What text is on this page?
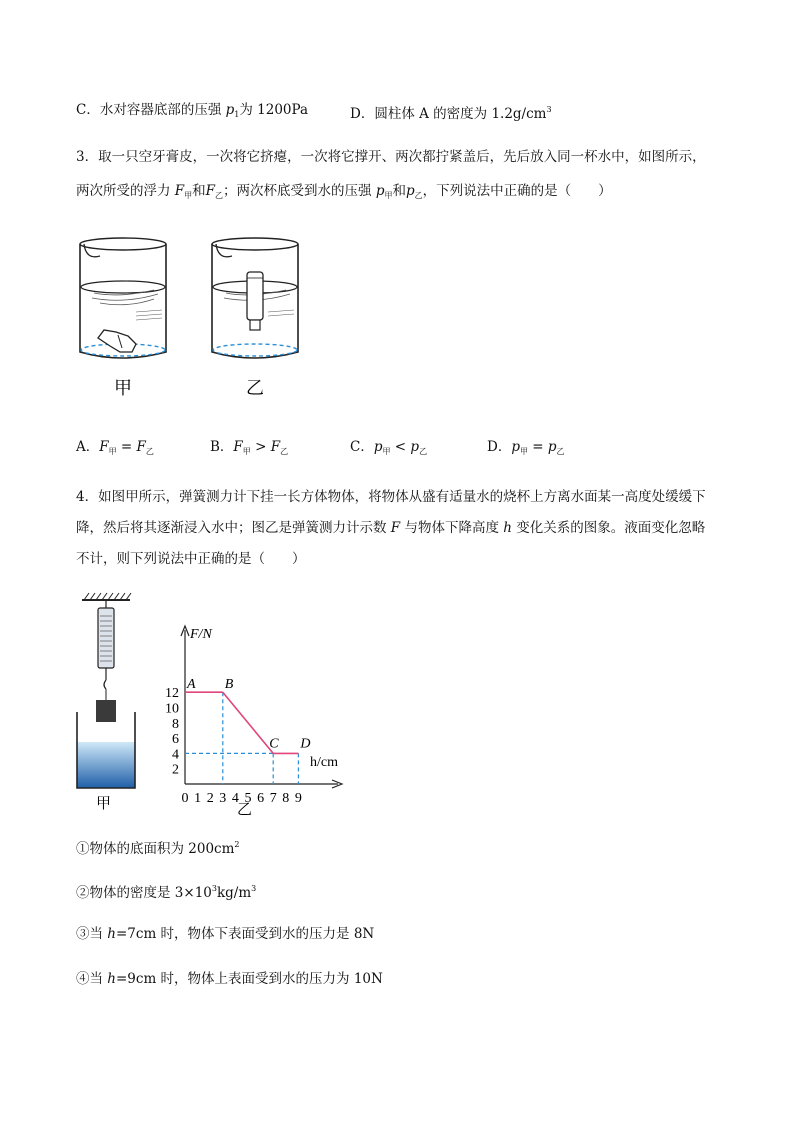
C．水对容器底部的压强 $p_1$为 1200Pa	D．圆柱体 A 的密度为 $1.2g/cm^3$
3．取一只空牙膏皮，一次将它挤瘪，一次将它撑开、两次都拧紧盖后，先后放入同一杯水中，如图所示，
两次所受的浮力 $F_甲$和$F_乙$；两次杯底受到水的压强 $p_甲$和$p_乙$，下列说法中正确的是（　　）
甲	乙
A．$F_甲 = F_乙$	B．$F_甲 > F_乙$	C．$p_甲 < p_乙$	D．$p_甲 = p_乙$
4．如图甲所示，弹簧测力计下挂一长方体物体，将物体从盛有适量水的烧杯上方离水面某一高度处缓缓下
降，然后将其逐渐浸入水中；图乙是弹簧测力计示数 F 与物体下降高度 h 变化关系的图象。液面变化忽略
不计，则下列说法中正确的是（　　）
甲
F/N
h/cm
2
4
6
8
10
12
0 1 2 3 4 5 6 7 8 9
A B
C D
乙
①物体的底面积为 $200cm^2$
②物体的密度是 $3\times 10^3kg/m^3$
③当 h=7cm 时，物体下表面受到水的压力是 8N
④当 h=9cm 时，物体上表面受到水的压力为 10N
